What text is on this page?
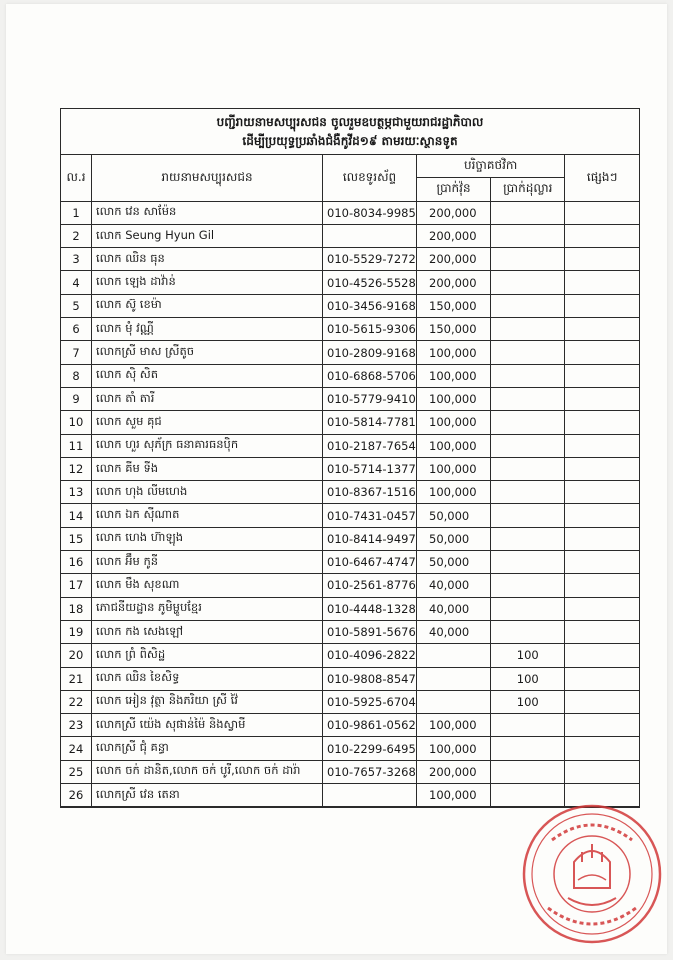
បញ្ជីរាយនាមសប្បុរសជន ចូលរួមឧបត្ថម្ភជាមួយរាជរដ្ឋាភិបាល
ដើម្បីប្រយុទ្ធប្រឆាំងជំងឺកូវីដ១៩ តាមរយៈស្ថានទូត
ល.រ	រាយនាមសប្បុរសជន	លេខទូរស័ព្ទ	បរិច្ចាគថវិកា		ផ្សេងៗ
			ប្រាក់វ៉ុន	ប្រាក់ដុល្លារ	
1	លោក វេន សាម៉ែន	010-8034-9985	200,000		
2	លោក Seung Hyun Gil		200,000		
3	លោក ឈិន ធុន	010-5529-7272	200,000		
4	លោក ឡេង ដាវ៉ាន់	010-4526-5528	200,000		
5	លោក ស៊ូ ខេម៉ា	010-3456-9168	150,000		
6	លោក មុំ វណ្ណី	010-5615-9306	150,000		
7	លោកស្រី មាស ស្រីតូច	010-2809-9168	100,000		
8	លោក ស៊ិ សិត	010-6868-5706	100,000		
9	លោក តាំ តារី	010-5779-9410	100,000		
10	លោក សួម គុជ	010-5814-7781	100,000		
11	លោក ហួរ សុភ័ក្រ ធនាគារធនប៉ិក	010-2187-7654	100,000		
12	លោក គីម ទីង	010-5714-1377	100,000		
13	លោក ហុង លីមហេង	010-8367-1516	100,000		
14	លោក ឯក ស៊ីណាត	010-7431-0457	50,000		
15	លោក ហេង ហ៊ាឡុង	010-8414-9497	50,000		
16	លោក អ៊ឹម កូនី	010-6467-4747	50,000		
17	លោក មឹង សុខណា	010-2561-8776	40,000		
18	ភោជនីយដ្ឋាន ភូមិម្ហូបខ្មែរ	010-4448-1328	40,000		
19	លោក កង សេងឡៅ	010-5891-5676	40,000		
20	លោក ព្រំ ពិសិដ្ឋ	010-4096-2822		100	
21	លោក ឈិន ខៃសិទ្ធ	010-9808-8547		100	
22	លោក អៀន វុត្ថា និងភរិយា ស្រី វ៉ៃ	010-5925-6704		100	
23	លោកស្រី យ៉េង សុផាន់ម៉ៃ និងស្វាមី	010-9861-0562	100,000		
24	លោកស្រី ជុំ គន្ធា	010-2299-6495	100,000		
25	លោក ចក់ ដានិត,លោក ចក់ បូរី,លោក ចក់ ដារ៉ា	010-7657-3268	200,000		
26	លោកស្រី វេន តេនា		100,000		
